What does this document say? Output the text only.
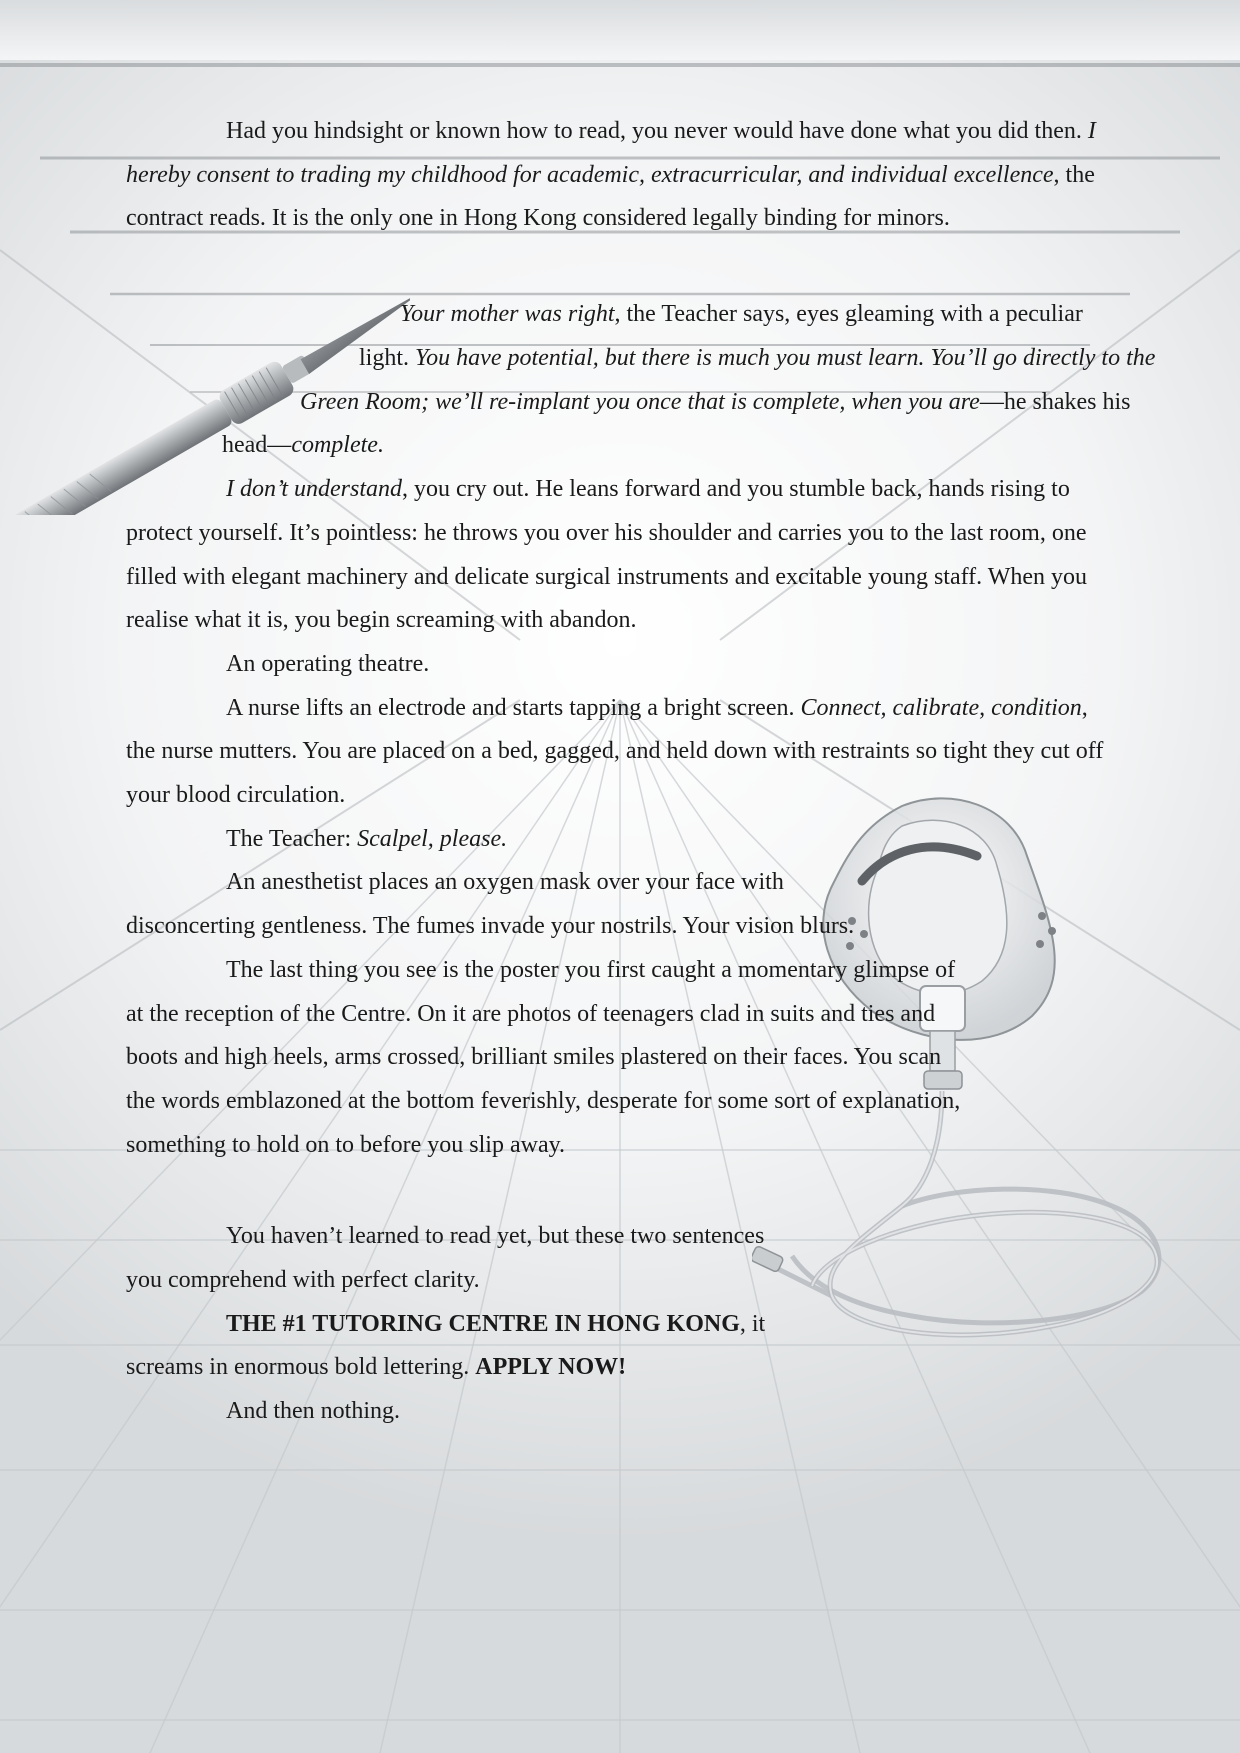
Had you hindsight or known how to read, you never would have done what you did then. I hereby consent to trading my childhood for academic, extracurricular, and individual excellence, the contract reads. It is the only one in Hong Kong considered legally binding for minors.

Your mother was right, the Teacher says, eyes gleaming with a peculiar
light. You have potential, but there is much you must learn. You’ll go directly to the
Green Room; we’ll re-implant you once that is complete, when you are—he shakes his
head—complete.

I don’t understand, you cry out. He leans forward and you stumble back, hands rising to protect yourself. It’s pointless: he throws you over his shoulder and carries you to the last room, one filled with elegant machinery and delicate surgical instruments and excitable young staff. When you realise what it is, you begin screaming with abandon.

An operating theatre.

A nurse lifts an electrode and starts tapping a bright screen. Connect, calibrate, condition, the nurse mutters. You are placed on a bed, gagged, and held down with restraints so tight they cut off your blood circulation.

The Teacher: Scalpel, please.

An anesthetist places an oxygen mask over your face with disconcerting gentleness. The fumes invade your nostrils. Your vision blurs.

The last thing you see is the poster you first caught a momentary glimpse of at the reception of the Centre. On it are photos of teenagers clad in suits and ties and boots and high heels, arms crossed, brilliant smiles plastered on their faces. You scan the words emblazoned at the bottom feverishly, desperate for some sort of explanation, something to hold on to before you slip away.

You haven’t learned to read yet, but these two sentences you comprehend with perfect clarity.

THE #1 TUTORING CENTRE IN HONG KONG, it screams in enormous bold lettering. APPLY NOW!

And then nothing.
